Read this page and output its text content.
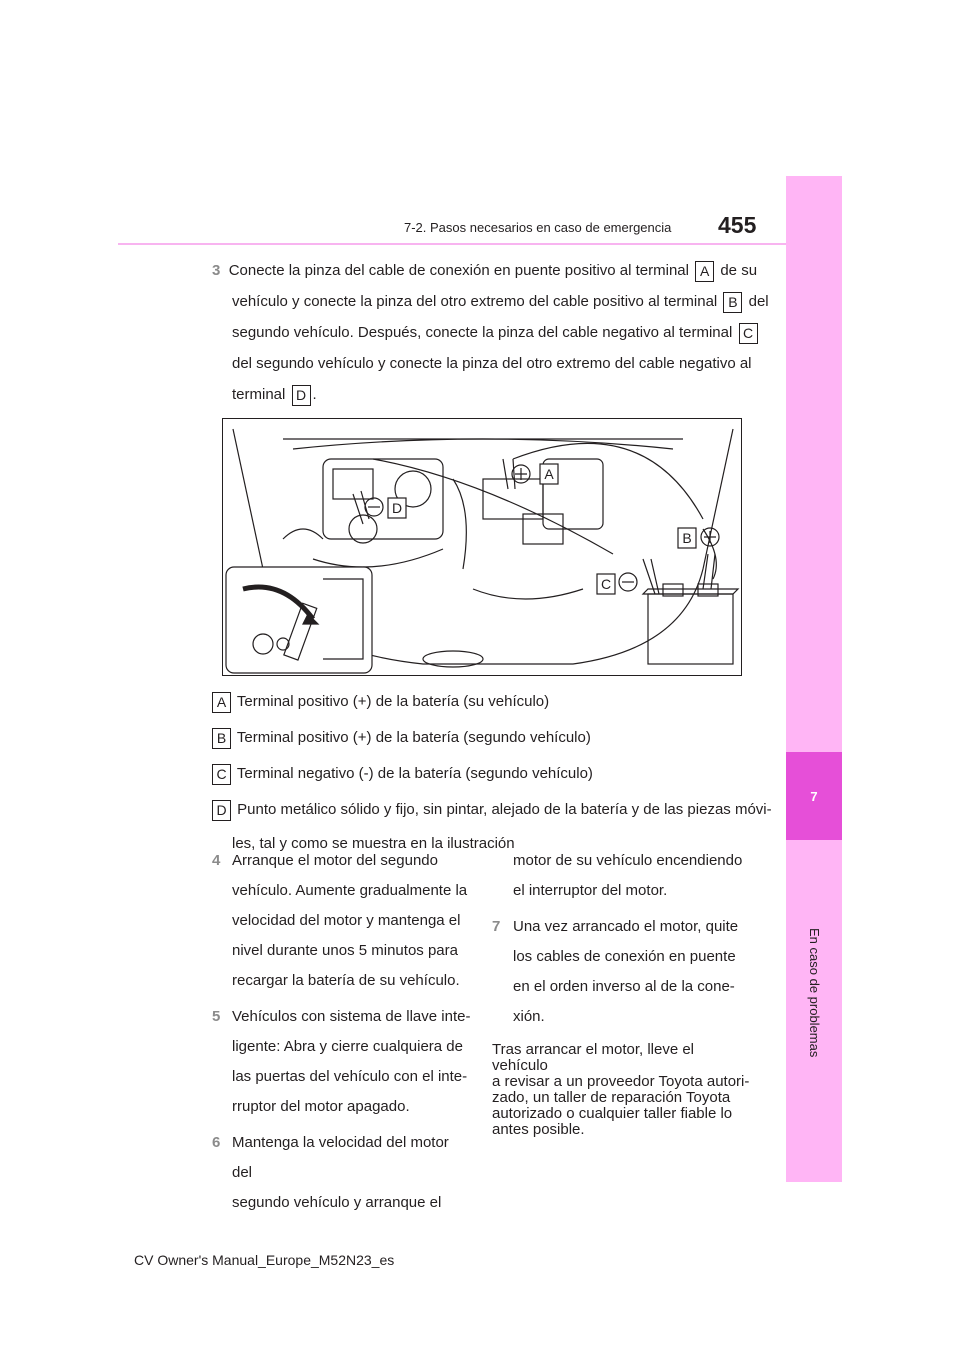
455
7-2. Pasos necesarios en caso de emergencia
7
En caso de problemas
3 Conecte la pinza del cable de conexión en puente positivo al terminal A de su
vehículo y conecte la pinza del otro extremo del cable positivo al terminal B del
segundo vehículo. Después, conecte la pinza del cable negativo al terminal C
del segundo vehículo y conecte la pinza del otro extremo del cable negativo al
terminal D .
A
D
B
C
A Terminal positivo (+) de la batería (su vehículo)
B Terminal positivo (+) de la batería (segundo vehículo)
C Terminal negativo (-) de la batería (segundo vehículo)
D Punto metálico sólido y fijo, sin pintar, alejado de la batería y de las piezas móvi-
les, tal y como se muestra en la ilustración
4 Arranque el motor del segundo
vehículo. Aumente gradualmente la
velocidad del motor y mantenga el
nivel durante unos 5 minutos para
recargar la batería de su vehículo.
5 Vehículos con sistema de llave inte-
ligente: Abra y cierre cualquiera de
las puertas del vehículo con el inte-
rruptor del motor apagado.
6 Mantenga la velocidad del motor del
segundo vehículo y arranque el
motor de su vehículo encendiendo
el interruptor del motor.
7 Una vez arrancado el motor, quite
los cables de conexión en puente
en el orden inverso al de la cone-
xión.
Tras arrancar el motor, lleve el vehículo
a revisar a un proveedor Toyota autori-
zado, un taller de reparación Toyota
autorizado o cualquier taller fiable lo
antes posible.
CV Owner's Manual_Europe_M52N23_es
